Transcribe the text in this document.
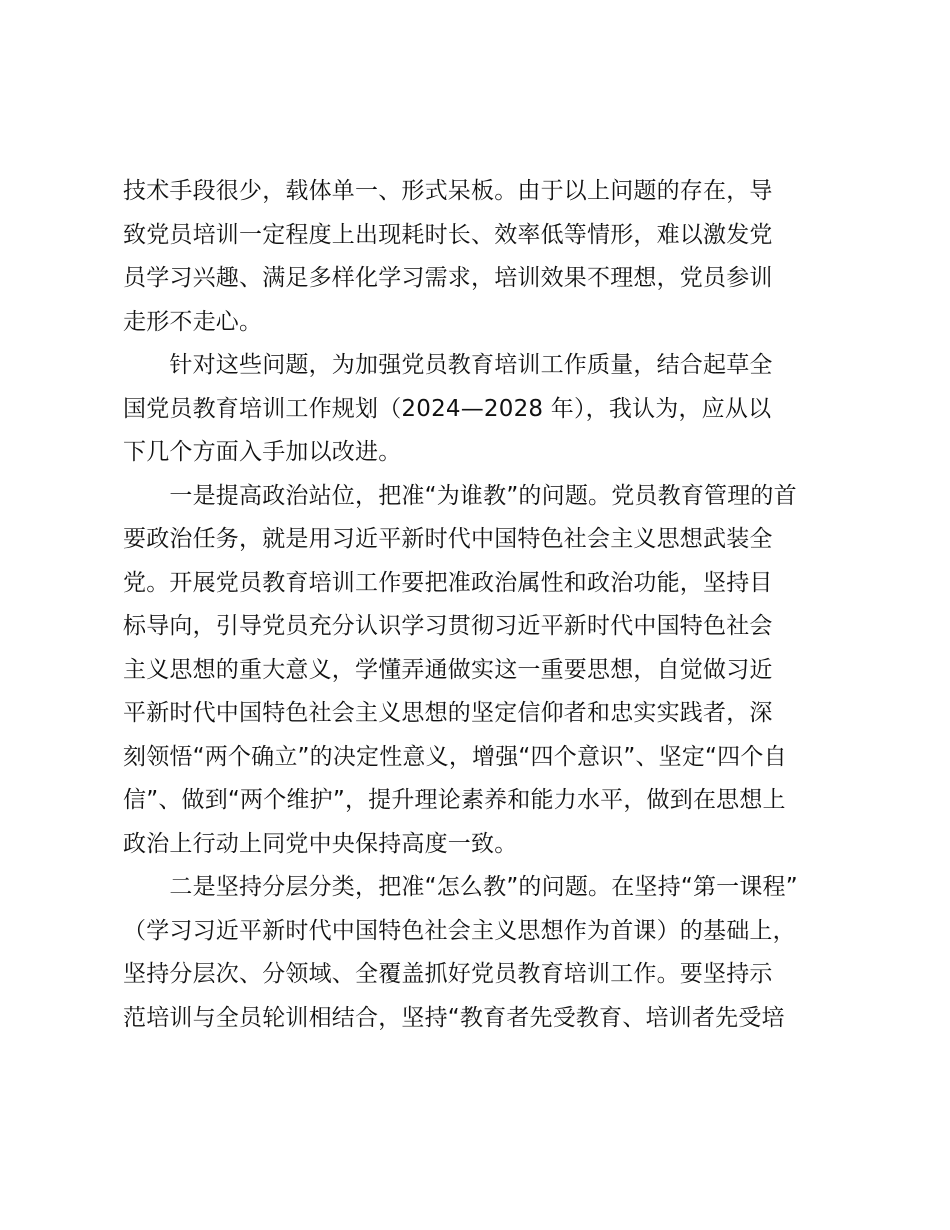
技术手段很少，载体单一、形式呆板。由于以上问题的存在，导
致党员培训一定程度上出现耗时长、效率低等情形，难以激发党
员学习兴趣、满足多样化学习需求，培训效果不理想，党员参训
走形不走心。
　　针对这些问题，为加强党员教育培训工作质量，结合起草全
国党员教育培训工作规划（2024—2028 年），我认为，应从以
下几个方面入手加以改进。
　　一是提高政治站位，把准“为谁教”的问题。党员教育管理的首
要政治任务，就是用习近平新时代中国特色社会主义思想武装全
党。开展党员教育培训工作要把准政治属性和政治功能，坚持目
标导向，引导党员充分认识学习贯彻习近平新时代中国特色社会
主义思想的重大意义，学懂弄通做实这一重要思想，自觉做习近
平新时代中国特色社会主义思想的坚定信仰者和忠实实践者，深
刻领悟“两个确立”的决定性意义，增强“四个意识”、坚定“四个自
信”、做到“两个维护”，提升理论素养和能力水平，做到在思想上
政治上行动上同党中央保持高度一致。
　　二是坚持分层分类，把准“怎么教”的问题。在坚持“第一课程”
（学习习近平新时代中国特色社会主义思想作为首课）的基础上，
坚持分层次、分领域、全覆盖抓好党员教育培训工作。要坚持示
范培训与全员轮训相结合，坚持“教育者先受教育、培训者先受培
